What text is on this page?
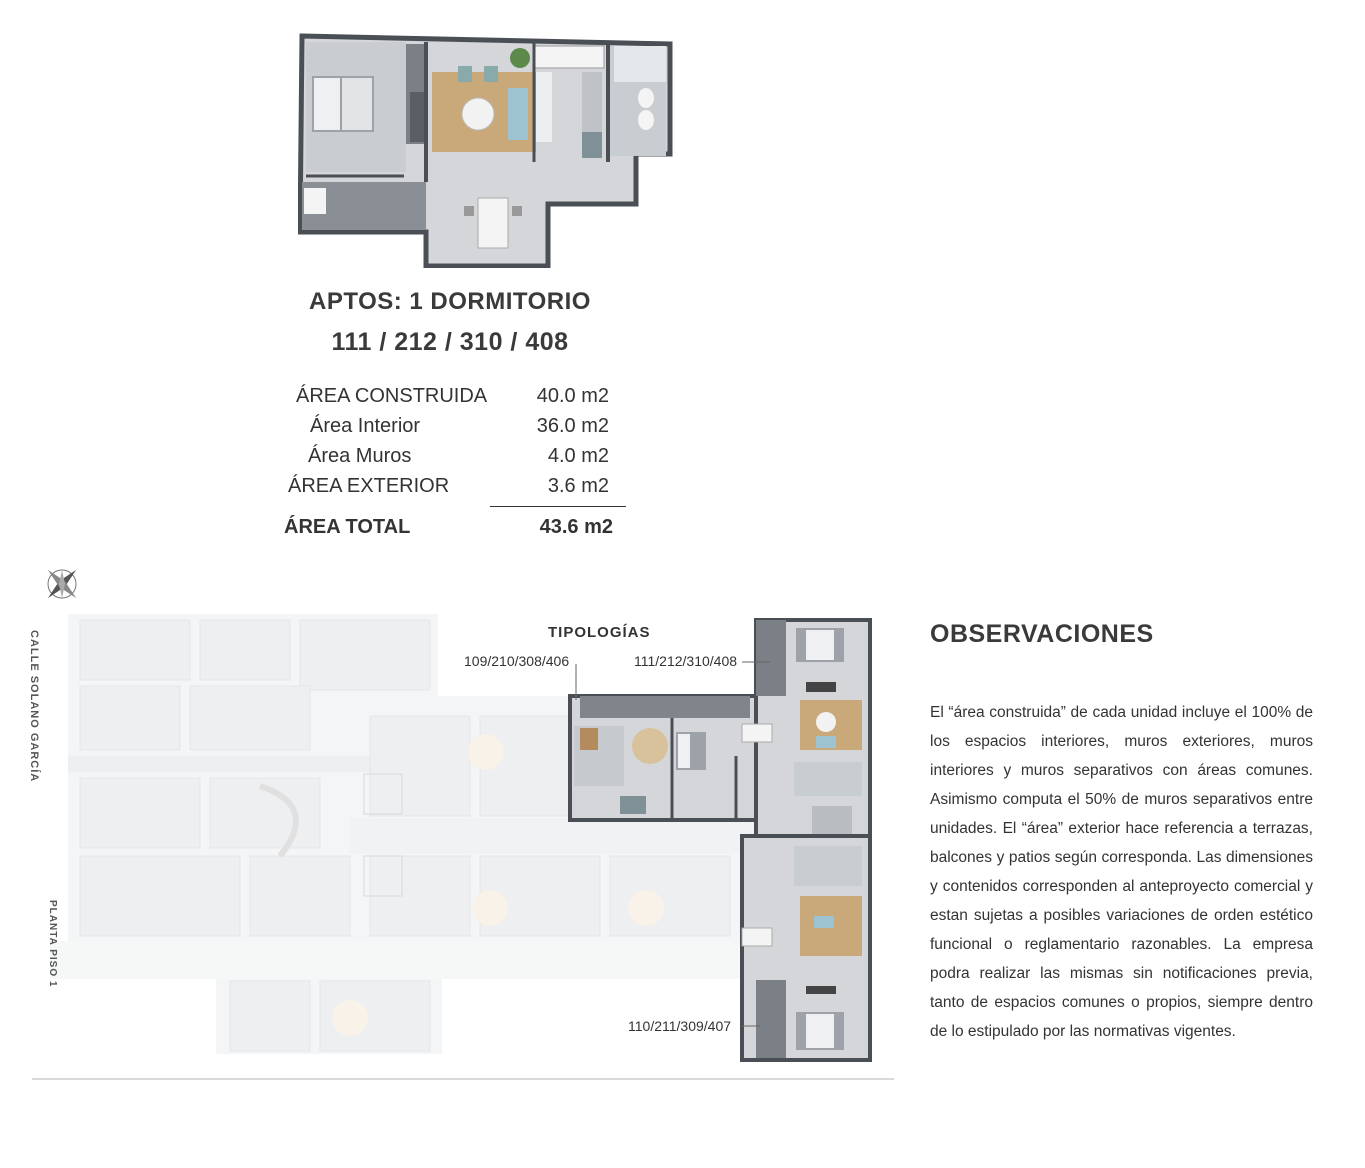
APTOS: 1 DORMITORIO
111 / 212 / 310 / 408
ÁREA CONSTRUIDA 40.0 m2
Área Interior	36.0 m2
Área Muros	4.0 m2
ÁREA EXTERIOR	3.6 m2
ÁREA TOTAL	43.6 m2
TIPOLOGÍAS
109/210/308/406	111/212/310/408
110/211/309/407
CALLE SOLANO GARCÍA
PLANTA PISO 1
OBSERVACIONES
El “área construida” de cada unidad incluye el 100% de los espacios interiores, muros exteriores, muros interiores y muros separativos con áreas comunes. Asimismo computa el 50% de muros separativos entre unidades. El “área” exterior hace referencia a terrazas, balcones y patios según corresponda. Las dimensiones y contenidos corresponden al anteproyecto comercial y estan sujetas a posibles variaciones de orden estético funcional o reglamentario razonables. La empresa podra realizar las mismas sin notificaciones previa, tanto de espacios comunes o propios, siempre dentro de lo estipulado por las normativas vigentes.
